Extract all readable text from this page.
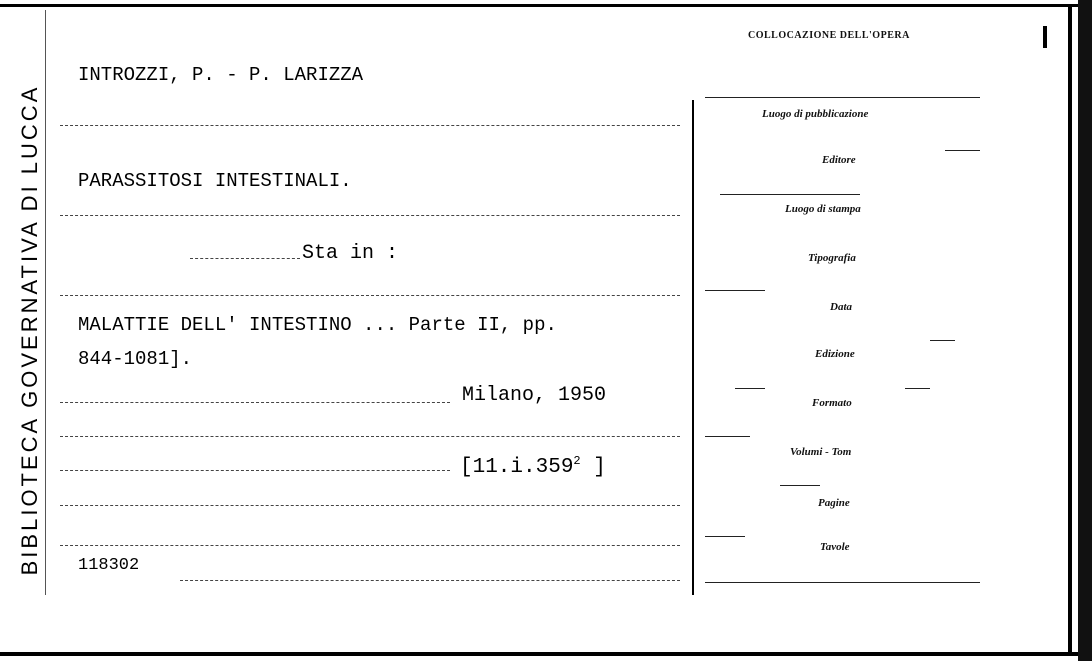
BIBLIOTECA GOVERNATIVA DI LUCCA
INTROZZI, P. - P. LARIZZA
PARASSITOSI INTESTINALI.
Sta in :
MALATTIE DELL' INTESTINO ... Parte II, pp.
844-1081].
Milano, 1950
[11.i.359$^2$ ]
118302
COLLOCAZIONE DELL'OPERA
Luogo di pubblicazione
Editore
Luogo di stampa
Tipografia
Data
Edizione
Formato
Volumi - Tom
Pagine
Tavole
